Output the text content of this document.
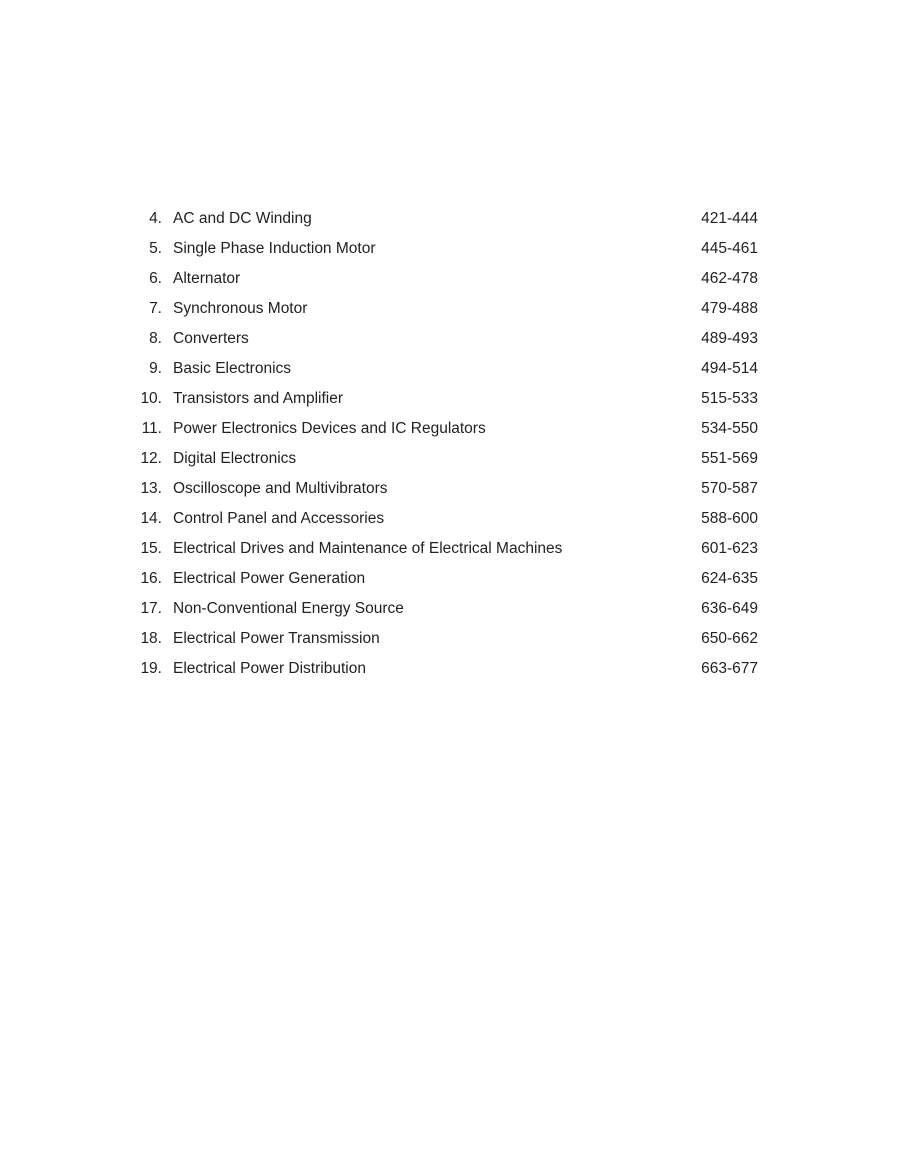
4. AC and DC Winding	421-444
5. Single Phase Induction Motor	445-461
6. Alternator	462-478
7. Synchronous Motor	479-488
8. Converters	489-493
9. Basic Electronics	494-514
10. Transistors and Amplifier	515-533
11. Power Electronics Devices and IC Regulators	534-550
12. Digital Electronics	551-569
13. Oscilloscope and Multivibrators	570-587
14. Control Panel and Accessories	588-600
15. Electrical Drives and Maintenance of Electrical Machines	601-623
16. Electrical Power Generation	624-635
17. Non-Conventional Energy Source	636-649
18. Electrical Power Transmission	650-662
19. Electrical Power Distribution	663-677
